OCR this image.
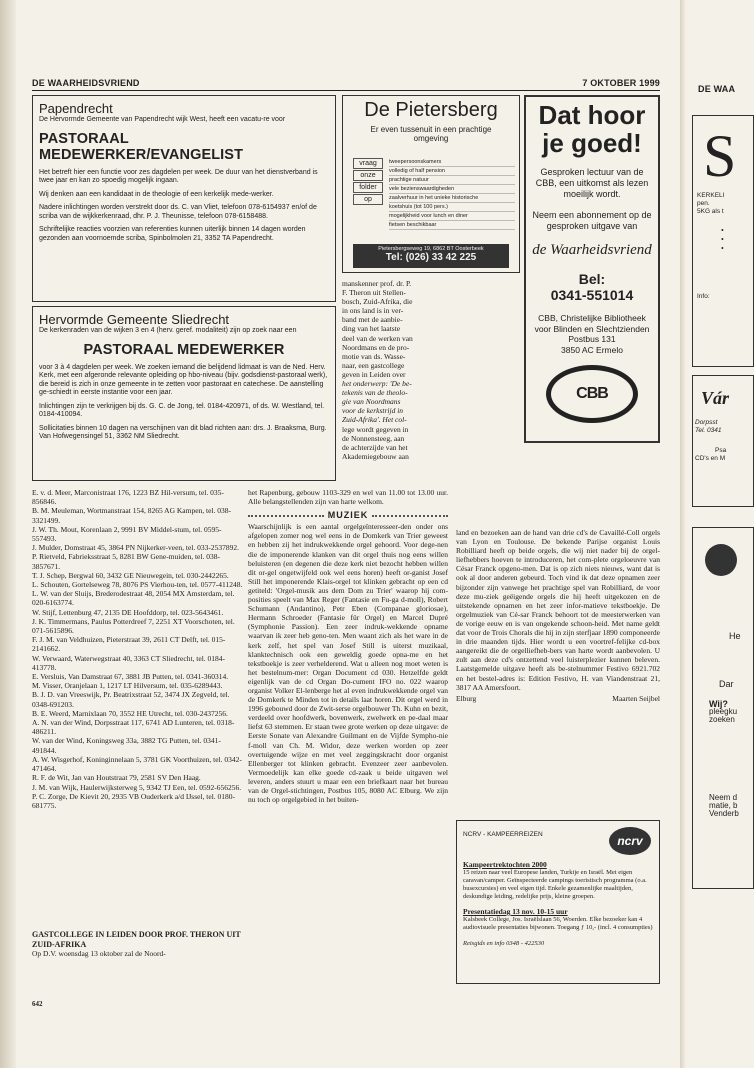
DE WAARHEIDSVRIEND	7 OKTOBER 1999
DE WAA
Papendrecht

De Hervormde Gemeente van Papendrecht wijk West, heeft een vacatu-re voor

PASTORAAL MEDEWERKER/EVANGELIST

Het betreft hier een functie voor zes dagdelen per week. De duur van het dienstverband is twee jaar en kan zo spoedig mogelijk ingaan.

Wij denken aan een kandidaat in de theologie of een kerkelijk mede-werker.

Nadere inlichtingen worden verstrekt door ds. C. van Vliet, telefoon 078-6154937 en/of de scriba van de wijkkerkenraad, dhr. P. J. Theunisse, telefoon 078-6158488.

Schriftelijke reacties voorzien van referenties kunnen uiterlijk binnen 14 dagen worden gezonden aan voornoemde scriba, Spinbolmolen 21, 3352 TA Papendrecht.

Hervormde Gemeente Sliedrecht

De kerkenraden van de wijken 3 en 4 (herv. geref. modaliteit) zijn op zoek naar een

PASTORAAL MEDEWERKER

voor 3 à 4 dagdelen per week. We zoeken iemand die belijdend lidmaat is van de Ned. Herv. Kerk, met een afgeronde relevante opleiding op hbo-niveau (bijv. godsdienst-pastoraal werk), die bereid is zich in onze gemeente in te zetten voor pastoraat en catechese. De aanstelling ge-schiedt in eerste instantie voor een jaar.

Inlichtingen zijn te verkrijgen bij ds. G. C. de Jong, tel. 0184-420971, of ds. W. Westland, tel. 0184-410094.

Sollicitaties binnen 10 dagen na verschijnen van dit blad richten aan: drs. J. Braaksma, Burg. Van Hofwegensingel 51, 3362 NM Sliedrecht.

De Pietersberg
Er even tussenuit in een prachtige omgeving
vraag
onze
folder
op
tweepersoonskamers
volledig of half pension
prachtige natuur
vele bezienswaardigheden
zaalverhuur in het unieke historische
koetshuis (tot 100 pers.)
mogelijkheid voor lunch en diner
fietsen beschikbaar
Pietersbergseweg 19, 6862 BT Oosterbeek
Tel: (026) 33 42 225
Dat hoor je goed!
Gesproken lectuur van de CBB, een uitkomst als lezen moeilijk wordt.
Neem een abonnement op de gesproken uitgave van
de Waarheidsvriend
Bel:
0341-551014
CBB, Christelijke Bibliotheek voor Blinden en Slechtzienden
Postbus 131
3850 AC Ermelo
CBB
manskenner prof. dr. P.
F. Theron uit Stellen-
bosch, Zuid-Afrika, die
in ons land is in ver-
band met de aanbie-
ding van het laatste
deel van de werken van
Noordmans en de pro-
motie van ds. Wasse-
naar, een gastcollege
geven in Leiden over
het onderwerp: 'De be-
tekenis van de theolo-
gie van Noordmans
voor de kerkstrijd in
Zuid-Afrika'. Het col-
lege wordt gegeven in
de Nonnensteeg, aan
de achterzijde van het
Akademiegebouw aan
E. v. d. Meer, Marconistraat 176, 1223 BZ Hil-versum, tel. 035-856846.
B. M. Meuleman, Wortmanstraat 154, 8265 AG Kampen, tel. 038-3321499.
J. W. Th. Mout, Korenlaan 2, 9991 BV Middel-stum, tel. 0595-557493.
J. Mulder, Domstraat 45, 3864 PN Nijkerker-veen, tel. 033-2537892.
P. Rietveld, Fabrieksstraat 5, 8281 BW Gene-muiden, tel. 038-3857671.
T. J. Schep, Bergwal 60, 3432 GE Nieuwegein, tel. 030-2442265.
L. Schouten, Gortelseweg 78, 8076 PS Vierhou-ten, tel. 0577-411248.
L. W. van der Sluijs, Brederodestraat 48, 2054 MX Amsterdam, tel. 020-6163774.
W. Stijf, Lettenburg 47, 2135 DE Hoofddorp, tel. 023-5643461.
J. K. Timmermans, Paulus Potterdreef 7, 2251 XT Voorschoten, tel. 071-5615896.
F. J. M. van Veldhuizen, Pieterstraat 39, 2611 CT Delft, tel. 015-2141662.
W. Verwaard, Waterwegstraat 40, 3363 CT Sliedrecht, tel. 0184-413778.
E. Versluis, Van Damstraat 67, 3881 JB Putten, tel. 0341-360314.
M. Visser, Oranjelaan 1, 1217 LT Hilversum, tel. 035-6289443.
B. J. D. van Vreeswijk, Pr. Beatrixstraat 52, 3474 JX Zegveld, tel. 0348-691203.
B. E. Weerd, Marnixlaan 70, 3552 HE Utrecht, tel. 030-2437256.
A. N. van der Wind, Dorpsstraat 117, 6741 AD Lunteren, tel. 0318-486211.
W. van der Wind, Koningsweg 33a, 3882 TG Putten, tel. 0341-491844.
A. W. Wisgerhof, Koninginnelaan 5, 3781 GK Voorthuizen, tel. 0342-471464.
R. F. de Wit, Jan van Houtstraat 79, 2581 SV Den Haag.
J. M. van Wijk, Haulerwijksterweg 5, 9342 TJ Een, tel. 0592-656256.
P. C. Zorge, De Kievit 20, 2935 VB Ouderkerk a/d IJssel, tel. 0180-681775.
GASTCOLLEGE IN LEIDEN DOOR PROF. THERON UIT ZUID-AFRIKA
Op D.V. woensdag 13 oktober zal de Noord-

het Rapenburg, gebouw 1103-329 en wel van 11.00 tot 13.00 uur. Alle belangstellenden zijn van harte welkom.

MUZIEK

Waarschijnlijk is een aantal orgelgeïnteresseer-den onder ons afgelopen zomer nog wel eens in de Domkerk van Trier geweest en hebben zij het indrukwekkende orgel gehoord. Voor dege-nen die de imponerende klanken van dit orgel thuis nog eens willen beluisteren (en degenen die deze kerk niet bezocht hebben willen dit or-gel ongetwijfeld ook wel eens horen) heeft or-ganist Josef Still het imponerende Klais-orgel tot klinken gebracht op een cd getiteld: 'Orgel-musik aus dem Dom zu Trier' waarop hij com-posities speelt van Max Reger (Fantasie en Fu-ga d-moll), Robert Schumann (Andantino), Petr Eben (Companae gloriosae), Hermann Schroeder (Fantasie für Orgel) en Marcel Dupré (Symphonie Passion). Een zeer indruk-wekkende opname waarvan ik zeer heb geno-ten. Men waant zich als het ware in de kerk zelf, het spel van Josef Still is uiterst muzikaal, klanktechnisch ook een geweldig goede opna-me en het tekstboekje is zeer verhelderend. Wat u alleen nog moet weten is het bestelnum-mer: Organ Document cd 030. Hetzelfde geldt eigenlijk van de cd Organ Do-cument IFO no. 022 waarop organist Volker El-lenberge het al even indrukwekkende orgel van de Domkerk te Minden tot in details laat horen. Dit orgel werd in 1996 gebouwd door de Zwit-serse orgelbouwer Th. Kuhn en bezit, verdeeld over hoofdwerk, bovenwerk, zwelwerk en pe-daal maar liefst 63 stemmen. Er staan twee grote werken op deze uitgave: de Eerste Sonate van Alexandre Guilmant en de Vijfde Sympho-nie f-moll van Ch. M. Widor, deze werken worden op zeer overtuigende wijze en met veel zeggingskracht door organist Ellenberger tot klinken gebracht. Evenzeer zeer aanbevolen. Vermoedelijk kan elke goede cd-zaak u beide uitgaven wel leveren, anders stuurt u maar een een briefkaart naar het bureau van de Orgel-stichtingen, Postbus 105, 8080 AC Elburg. We zijn nu toch op orgelgebied in het buiten-

land en bezoeken aan de hand van drie cd's de Cavaillé-Coll orgels van Lyon en Toulouse. De bekende Parijse organist Louis Robilliard heeft op beide orgels, die wij niet nader bij de orgel-liefhebbers hoeven te introduceren, het com-plete orgeloeuvre van César Franck opgeno-men. Dat is op zich niets nieuws, want dat is ook al door anderen gebeurd. Toch vind ik dat deze opnamen zeer bijzonder zijn vanwege het prachtige spel van Robilliard, de voor deze mu-ziek geëigende orgels die hij heeft uitgekozen en de uitstekende opnamen en het zeer infor-matieve tekstboekje. De orgelmuziek van Cé-sar Franck behoort tot de meesterwerken van de vorige eeuw en is van ongekende schoon-heid. Met name geldt dat voor de Trois Chorals die hij in zijn sterfjaar 1890 componeerde in drie maanden tijds. Hier wordt u een voortref-felijke cd-box aangereikt die de orgelliefheb-bers van harte wordt aanbevolen. U zult aan deze cd's ontzettend veel luisterplezier kunnen beleven. Laatstgemelde uitgave heeft als be-stelnummer Festivo 6921.702 en het bestel-adres is: Edition Festivo, H. van Viandenstraat 21, 3817 AA Amersfoort.

Elburg	Maarten Seijbel
NCRV - KAMPEERREIZEN	ncrv
Kampeertrektochten 2000
15 reizen naar veel Europese landen, Turkije en Israël. Met eigen caravan/camper. Geïnspecteerde campings toeristisch programma (o.a. busexcursies) en veel eigen tijd. Enkele gezamenlijke maaltijden, deskundige leiding, redelijke prijs, kleine groepen.
Presentatiedag 13 nov. 10-15 uur
Kalsbeek College, Jos. Israëlslaan 56, Woerden. Elke bezoeker kan 4 audiovisuele presentaties bijwonen. Toegang ƒ 10,- (incl. 4 consumpties)
Reisgids en info 0348 - 422530
642
S
KERKELI
pen.
5KG als t
•
•
•
Info:
Vár
Dorpsst
Tel. 0341
Psa
CD's en M
He
Dar
Wij?
pleegku
zoeken
Neem d
matie, b
Venderb
